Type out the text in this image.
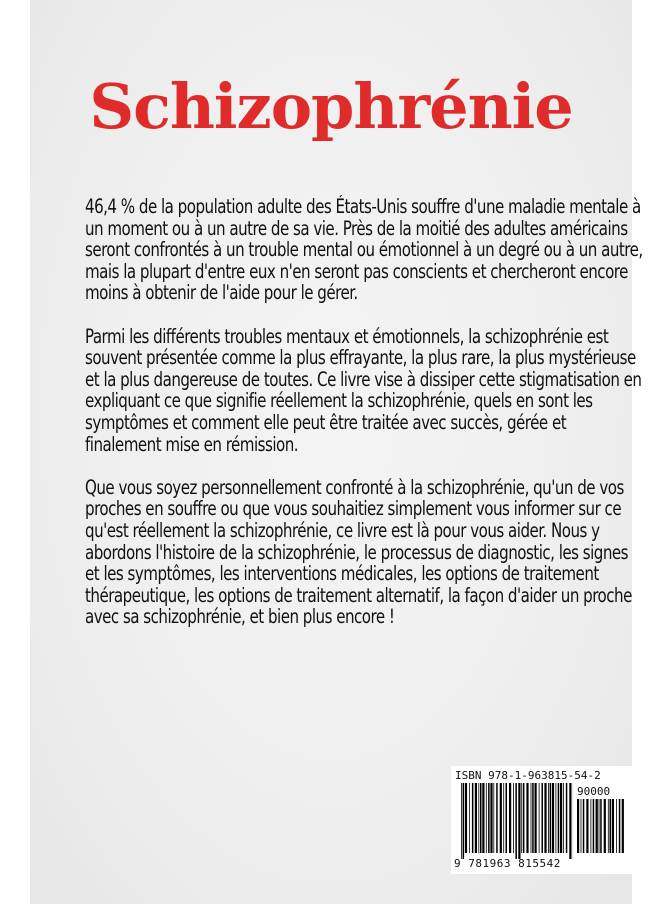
Schizophrénie

46,4 % de la population adulte des États-Unis souffre d'une maladie mentale à un moment ou à un autre de sa vie. Près de la moitié des adultes américains seront confrontés à un trouble mental ou émotionnel à un degré ou à un autre, mais la plupart d'entre eux n'en seront pas conscients et chercheront encore moins à obtenir de l'aide pour le gérer.

Parmi les différents troubles mentaux et émotionnels, la schizophrénie est souvent présentée comme la plus effrayante, la plus rare, la plus mystérieuse et la plus dangereuse de toutes. Ce livre vise à dissiper cette stigmatisation en expliquant ce que signifie réellement la schizophrénie, quels en sont les symptômes et comment elle peut être traitée avec succès, gérée et finalement mise en rémission.

Que vous soyez personnellement confronté à la schizophrénie, qu'un de vos proches en souffre ou que vous souhaitiez simplement vous informer sur ce qu'est réellement la schizophrénie, ce livre est là pour vous aider. Nous y abordons l'histoire de la schizophrénie, le processus de diagnostic, les signes et les symptômes, les interventions médicales, les options de traitement thérapeutique, les options de traitement alternatif, la façon d'aider un proche avec sa schizophrénie, et bien plus encore !

ISBN 978-1-963815-54-2
90000
9 781963 815542
